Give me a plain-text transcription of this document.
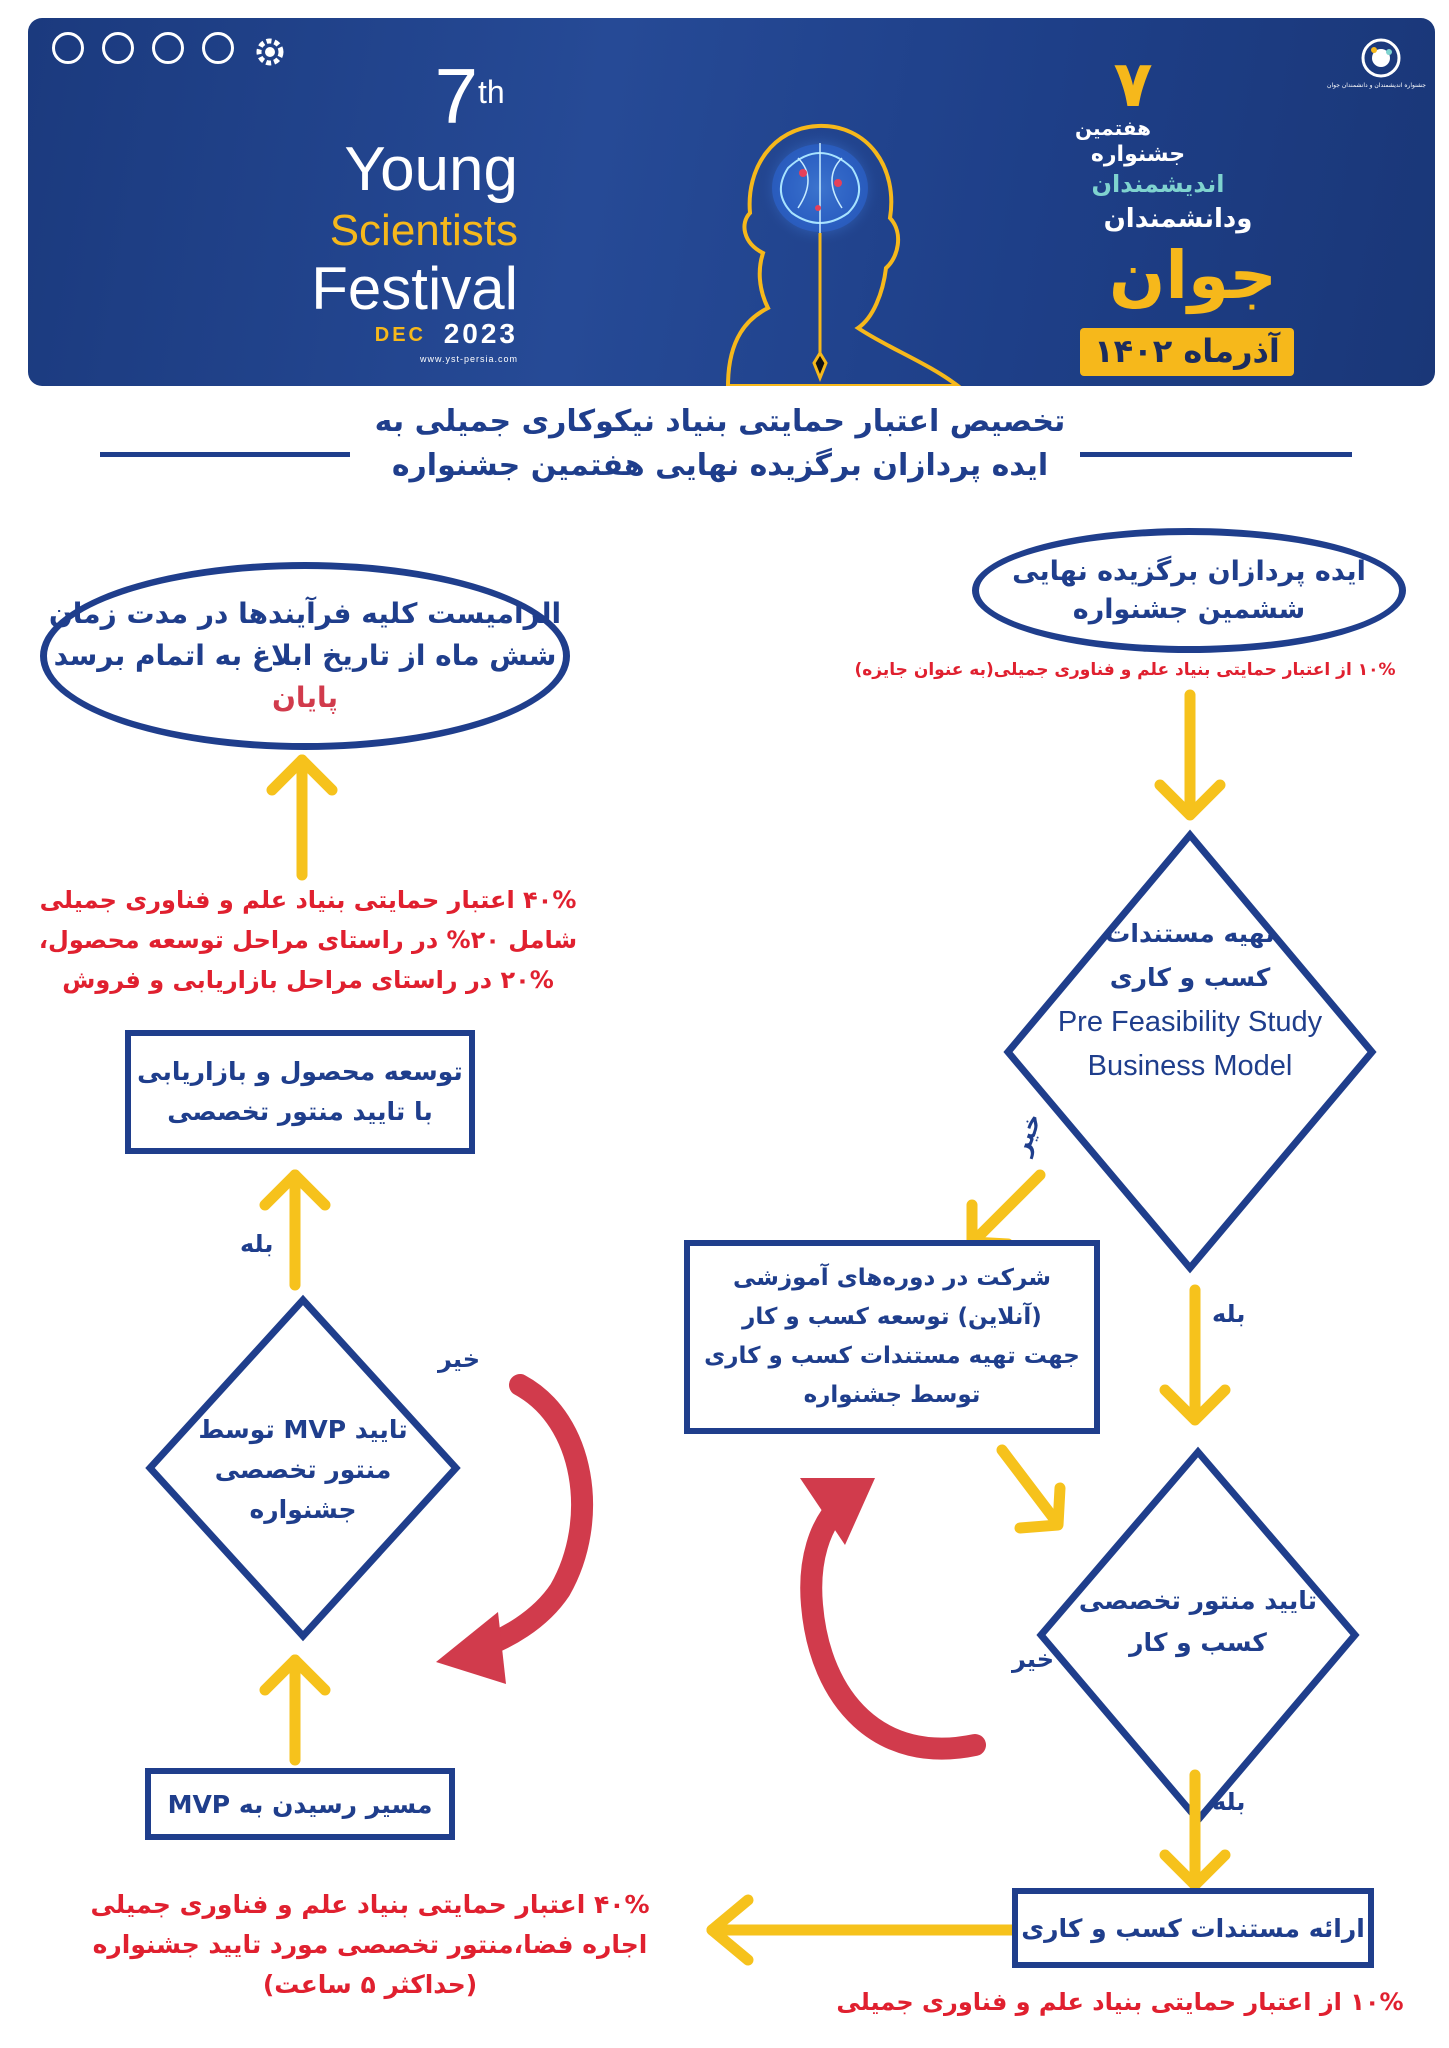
7 th
Young
Scientists
Festival
DEC 2023
www.yst-persia.com
۷
هفتمین
جشنواره
اندیشمندان
ودانشمندان
جوان
آذرماه ۱۴۰۲
جشنواره اندیشمندان و دانشمندان جوان
تخصیص اعتبار حمایتی بنیاد نیکوکاری جمیلی به
ایده پردازان برگزیده نهایی هفتمین جشنواره
ایده پردازان برگزیده نهایی
ششمین جشنواره
۱۰% از اعتبار حمایتی بنیاد علم و فناوری جمیلی(به عنوان جایزه)
الزامیست کلیه فرآیندها در مدت زمان
شش ماه از تاریخ ابلاغ به اتمام برسد
پایان
تهیه مستندات
کسب و کاری
Pre Feasibility Study
Business Model
شرکت در دوره‌های آموزشی
(آنلاین) توسعه کسب و کار
جهت تهیه مستندات کسب و کاری
توسط جشنواره
تایید منتور تخصصی
کسب و کار
ارائه مستندات کسب و کاری
۱۰% از اعتبار حمایتی بنیاد علم و فناوری جمیلی
۴۰% اعتبار حمایتی بنیاد علم و فناوری جمیلی
اجاره فضا،منتور تخصصی مورد تایید جشنواره
(حداکثر ۵ ساعت)
مسیر رسیدن به MVP
تایید MVP توسط
منتور تخصصی
جشنواره
توسعه محصول و بازاریابی
با تایید منتور تخصصی
۴۰% اعتبار حمایتی بنیاد علم و فناوری جمیلی
شامل ۲۰% در راستای مراحل توسعه محصول،
۲۰% در راستای مراحل بازاریابی و فروش
خیر
بله
خیر
بله
خیر
بله
